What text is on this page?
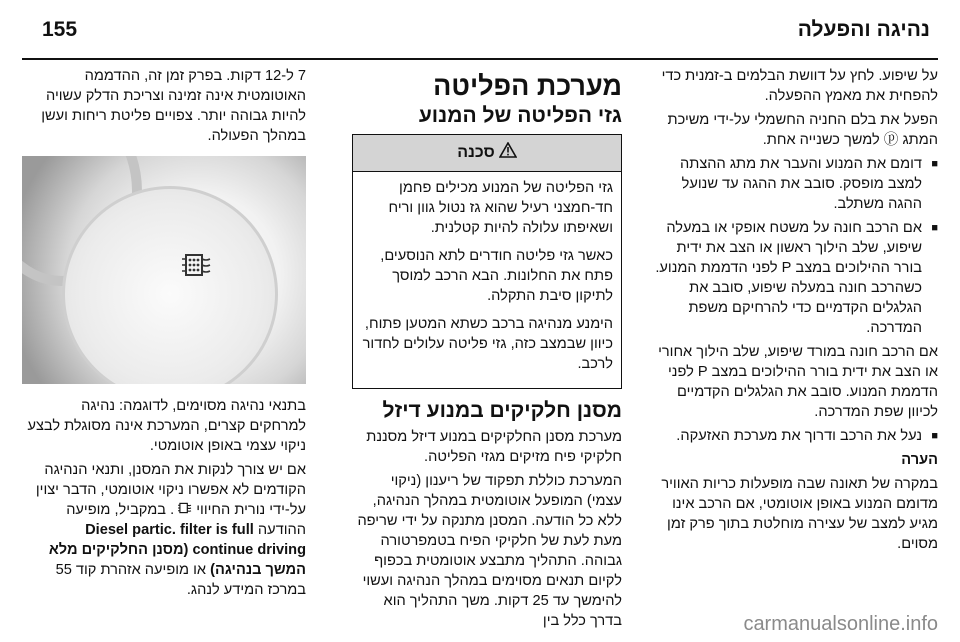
155	נהיגה והפעלה

על שיפוע. לחץ על דוושת הבלמים ב-זמנית כדי להפחית את מאמץ ההפעלה.

הפעל את בלם החניה החשמלי על-ידי משיכת המתג ⓟ למשך כשנייה אחת.

■ דומם את המנוע והעבר את מתג ההצתה למצב מופסק. סובב את ההגה עד שנועל ההגה משתלב.

■ אם הרכב חונה על משטח אופקי או במעלה שיפוע, שלב הילוך ראשון או הצב את ידית בורר ההילוכים במצב P לפני הדממת המנוע. כשהרכב חונה במעלה שיפוע, סובב את הגלגלים הקדמיים כדי להרחיקם משפת המדרכה.

אם הרכב חונה במורד שיפוע, שלב הילוך אחורי או הצב את ידית בורר ההילוכים במצב P לפני הדממת המנוע. סובב את הגלגלים הקדמיים לכיוון שפת המדרכה.

■ נעל את הרכב ודרוך את מערכת האזעקה.

הערה

במקרה של תאונה שבה מופעלות כריות האוויר מדומם המנוע באופן אוטומטי, אם הרכב אינו מגיע למצב של עצירה מוחלטת בתוך פרק זמן מסוים.

מערכת הפליטה
גזי הפליטה של המנוע
סכנה

גזי הפליטה של המנוע מכילים פחמן חד-חמצני רעיל שהוא גז נטול גוון וריח ושאיפתו עלולה להיות קטלנית.

כאשר גזי פליטה חודרים לתא הנוסעים, פתח את החלונות. הבא הרכב למוסך לתיקון סיבת התקלה.

הימנע מנהיגה ברכב כשתא המטען פתוח, כיוון שבמצב כזה, גזי פליטה עלולים לחדור לרכב.

מסנן חלקיקים במנוע דיזל

מערכת מסנן החלקיקים במנוע דיזל מסננת חלקיקי פיח מזיקים מגזי הפליטה.

המערכת כוללת תפקוד של ריענון (ניקוי עצמי) המופעל אוטומטית במהלך הנהיגה, ללא כל הודעה. המסנן מתנקה על ידי שריפה מעת לעת של חלקיקי הפיח בטמפרטורה גבוהה. התהליך מתבצע אוטומטית בכפוף לקיום תנאים מסוימים במהלך הנהיגה ועשוי להימשך עד 25 דקות. משך התהליך הוא בדרך כלל בין

7 ל-12 דקות. בפרק זמן זה, ההדממה האוטומטית אינה זמינה וצריכת הדלק עשויה להיות גבוהה יותר. צפויים פליטת ריחות ועשן במהלך הפעולה.

בתנאי נהיגה מסוימים, לדוגמה: נהיגה למרחקים קצרים, המערכת אינה מסוגלת לבצע ניקוי עצמי באופן אוטומטי.

אם יש צורך לנקות את המסנן, ותנאי הנהיגה הקודמים לא אפשרו ניקוי אוטומטי, הדבר יצוין על-ידי נורית החיווי  . במקביל, מופיעה ההודעה Diesel partic. filter is full continue driving (מסנן החלקיקים מלא המשך בנהיגה) או מופיעה אזהרת קוד 55 במרכז המידע לנהג.

carmanualsonline.info
